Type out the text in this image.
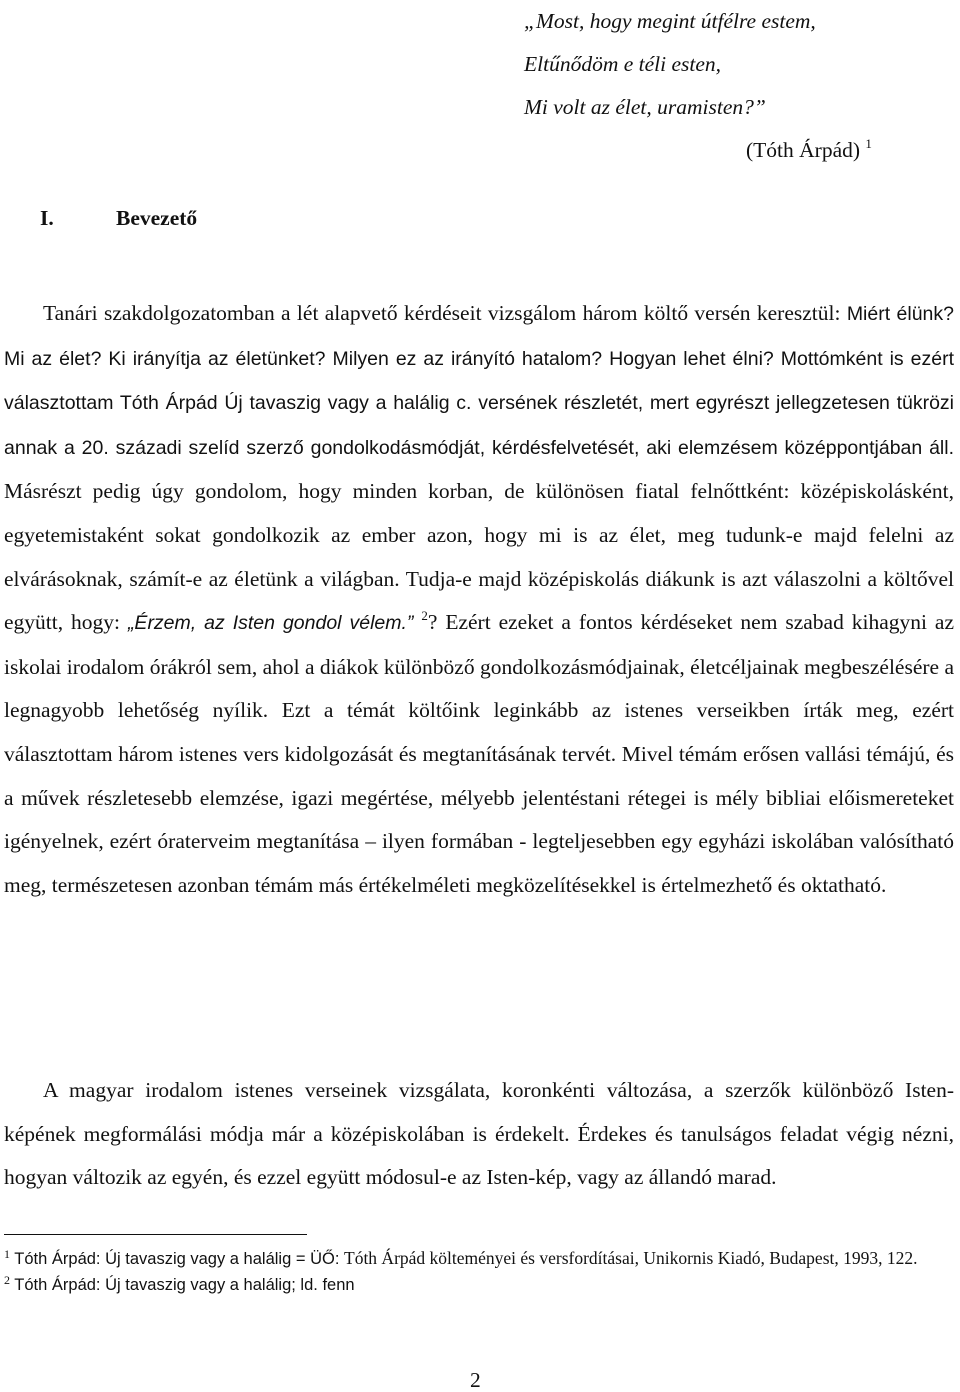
„Most, hogy megint útfélre estem,
Eltűnődöm e téli esten,
Mi volt az élet, uramisten?”
(Tóth Árpád) $^1$
I.	Bevezető

Tanári szakdolgozatomban a lét alapvető kérdéseit vizsgálom három költő versén keresztül: Miért élünk? Mi az élet? Ki irányítja az életünket? Milyen ez az irányító hatalom? Hogyan lehet élni? Mottómként is ezért választottam Tóth Árpád Új tavaszig vagy a halálig c. versének részletét, mert egyrészt jellegzetesen tükrözi annak a 20. századi szelíd szerző gondolkodásmódját, kérdésfelvetését, aki elemzésem középpontjában áll. Másrészt pedig úgy gondolom, hogy minden korban, de különösen fiatal felnőttként: középiskolásként, egyetemistaként sokat gondolkozik az ember azon, hogy mi is az élet, meg tudunk-e majd felelni az elvárásoknak, számít-e az életünk a világban. Tudja-e majd középiskolás diákunk is azt válaszolni a költővel együtt, hogy: „Érzem, az Isten gondol vélem.” $^2$? Ezért ezeket a fontos kérdéseket nem szabad kihagyni az iskolai irodalom órákról sem, ahol a diákok különböző gondolkozásmódjainak, életcéljainak megbeszélésére a legnagyobb lehetőség nyílik. Ezt a témát költőink leginkább az istenes verseikben írták meg, ezért választottam három istenes vers kidolgozását és megtanításának tervét. Mivel témám erősen vallási témájú, és a művek részletesebb elemzése, igazi megértése, mélyebb jelentéstani rétegei is mély bibliai előismereteket igényelnek, ezért óraterveim megtanítása – ilyen formában - legteljesebben egy egyházi iskolában valósítható meg, természetesen azonban témám más értékelméleti megközelítésekkel is értelmezhető és oktatható.

A magyar irodalom istenes verseinek vizsgálata, koronkénti változása, a szerzők különböző Isten-képének megformálási módja már a középiskolában is érdekelt. Érdekes és tanulságos feladat végig nézni, hogyan változik az egyén, és ezzel együtt módosul-e az Isten-kép, vagy az állandó marad.

$^1$ Tóth Árpád: Új tavaszig vagy a halálig = ÜŐ: Tóth Árpád költeményei és versfordításai, Unikornis Kiadó, Budapest, 1993, 122.

$^2$ Tóth Árpád: Új tavaszig vagy a halálig; ld. fenn

2
